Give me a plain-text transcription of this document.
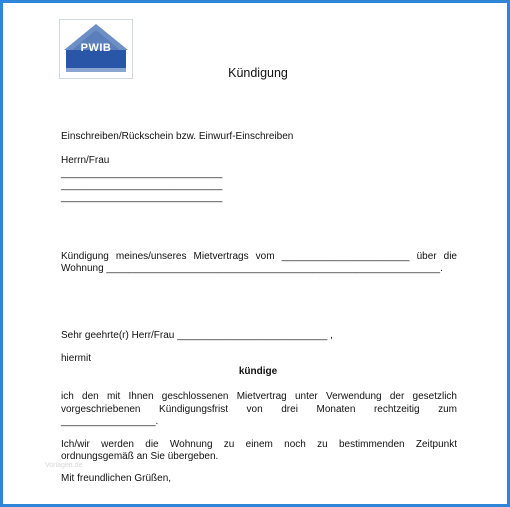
PWIB
Kündigung
Einschreiben/Rückschein bzw. Einwurf-Einschreiben
Herrn/Frau
_____________________________
_____________________________
_____________________________
Kündigung meines/unseres Mietvertrags vom _______________________ über die
Wohnung ____________________________________________________________.
Sehr geehrte(r) Herr/Frau ___________________________ ,
hiermit
kündige
ich den mit Ihnen geschlossenen Mietvertrag unter Verwendung der gesetzlich
vorgeschriebenen Kündigungsfrist von drei Monaten rechtzeitig zum
_________________.
Ich/wir werden die Wohnung zu einem noch zu bestimmenden Zeitpunkt
ordnungsgemäß an Sie übergeben.
Mit freundlichen Grüßen,
Vorlagen.de
